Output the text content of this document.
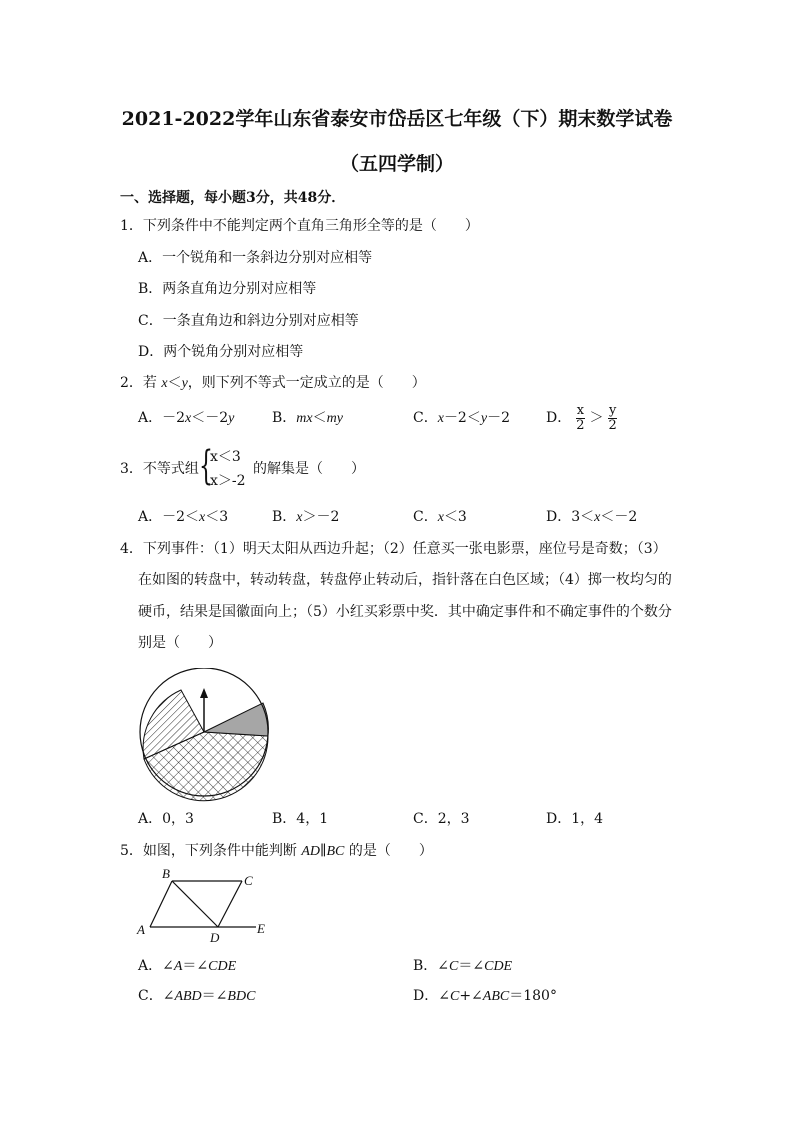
2021-2022学年山东省泰安市岱岳区七年级（下）期末数学试卷
（五四学制）
一、选择题，每小题3分，共48分．
1．下列条件中不能判定两个直角三角形全等的是（　　）
A．一个锐角和一条斜边分别对应相等
B．两条直角边分别对应相等
C．一条直角边和斜边分别对应相等
D．两个锐角分别对应相等
2．若 x＜y，则下列不等式一定成立的是（　　）
A．－2x＜－2y	B．mx＜my	C．x－2＜y－2	D． $\frac{x}{2} > \frac{y}{2}$
3．不等式组 {
x＜3
x＞-2
的解集是（　　）
A．－2＜x＜3	B．x＞－2	C．x＜3	D．3＜x＜－2
4．下列事件：（1）明天太阳从西边升起；（2）任意买一张电影票，座位号是奇数；（3）
在如图的转盘中，转动转盘，转盘停止转动后，指针落在白色区域；（4）掷一枚均匀的
硬币，结果是国徽面向上；（5）小红买彩票中奖．其中确定事件和不确定事件的个数分
别是（　　）
A．0，3	B．4，1	C．2，3	D．1，4
5．如图，下列条件中能判断 AD∥BC 的是（　　）
B	C
A
D
E
A．∠A＝∠CDE	B．∠C＝∠CDE
C．∠ABD＝∠BDC	D．∠C+∠ABC＝180°
